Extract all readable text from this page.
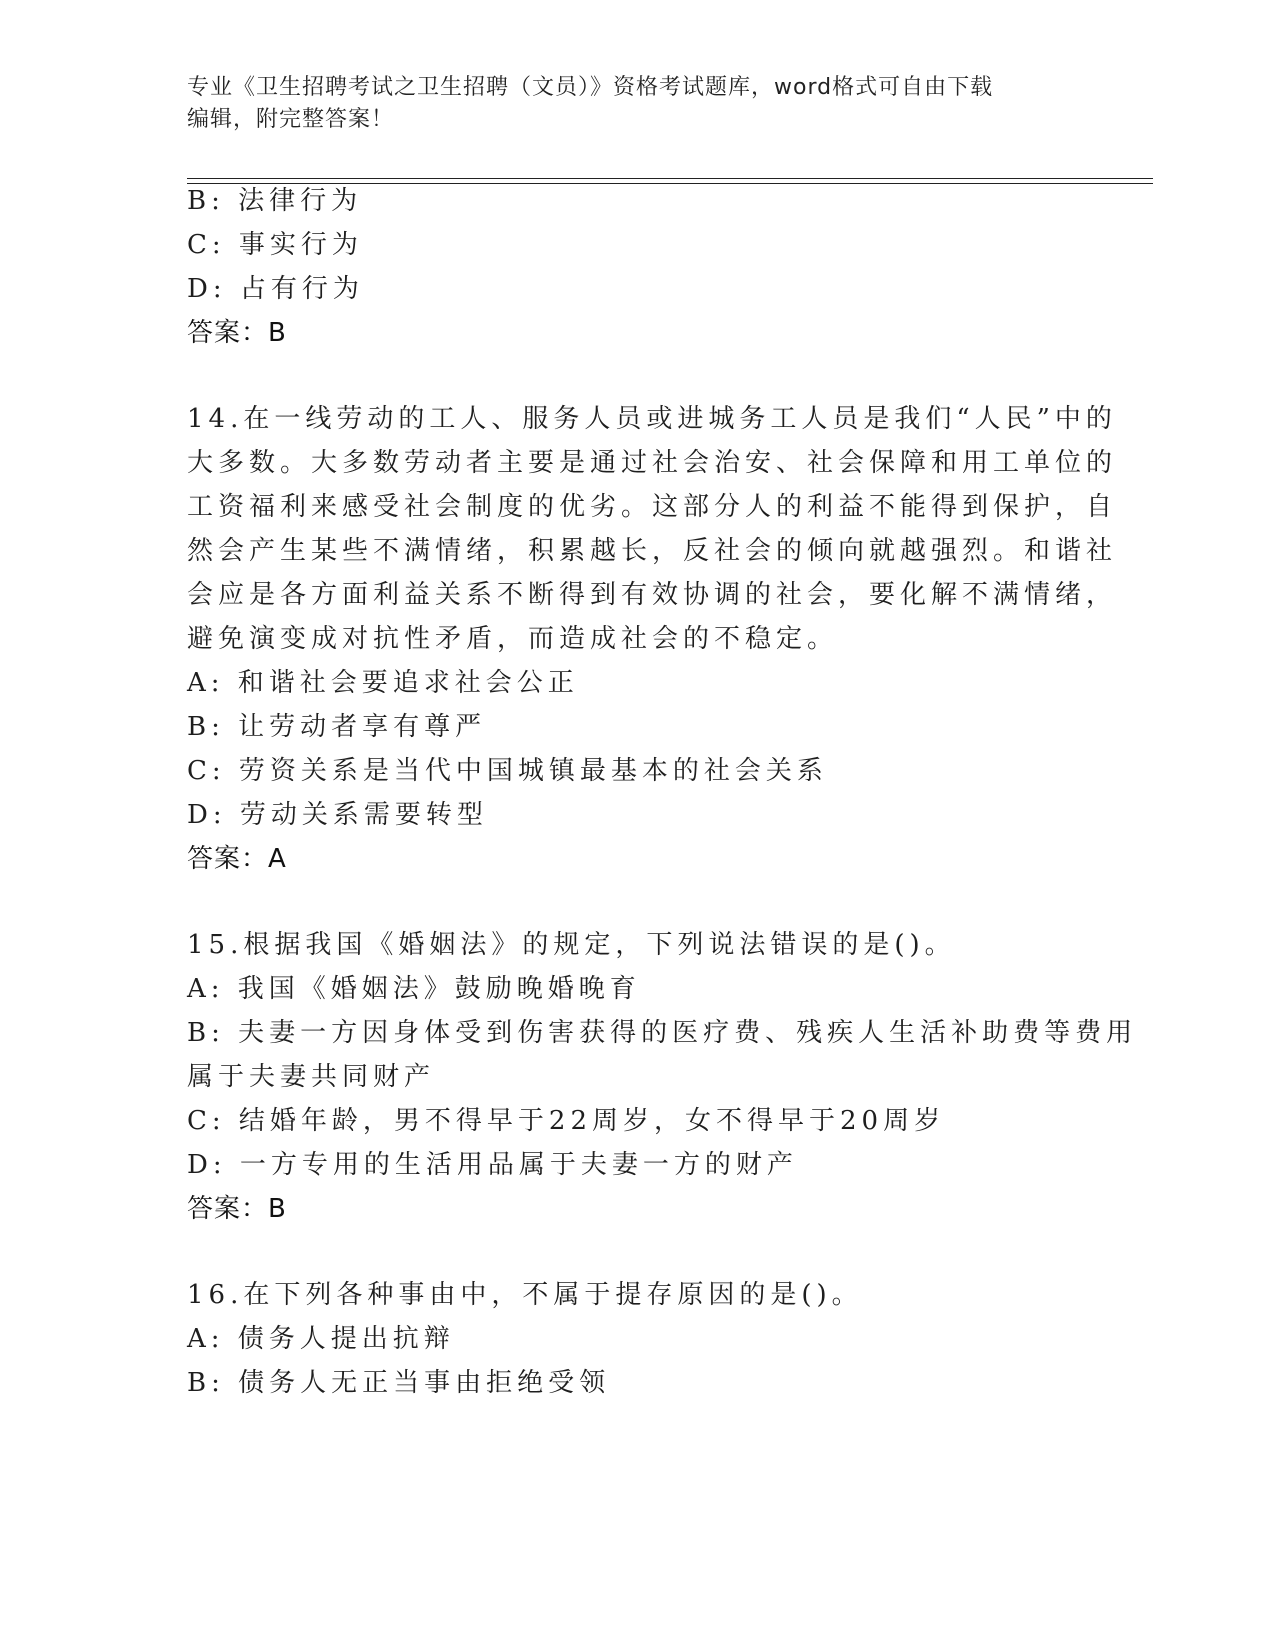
专业《卫生招聘考试之卫生招聘（文员）》资格考试题库，word格式可自由下载
编辑，附完整答案！
B: 法律行为
C: 事实行为
D: 占有行为
答案：B
14.在一线劳动的工人、服务人员或进城务工人员是我们“人民”中的
大多数。大多数劳动者主要是通过社会治安、社会保障和用工单位的
工资福利来感受社会制度的优劣。这部分人的利益不能得到保护，自
然会产生某些不满情绪，积累越长，反社会的倾向就越强烈。和谐社
会应是各方面利益关系不断得到有效协调的社会，要化解不满情绪，
避免演变成对抗性矛盾，而造成社会的不稳定。
A: 和谐社会要追求社会公正
B: 让劳动者享有尊严
C: 劳资关系是当代中国城镇最基本的社会关系
D: 劳动关系需要转型
答案：A
15.根据我国《婚姻法》的规定，下列说法错误的是()。
A: 我国《婚姻法》鼓励晚婚晚育
B: 夫妻一方因身体受到伤害获得的医疗费、残疾人生活补助费等费用
属于夫妻共同财产
C: 结婚年龄，男不得早于22周岁，女不得早于20周岁
D: 一方专用的生活用品属于夫妻一方的财产
答案：B
16.在下列各种事由中，不属于提存原因的是()。
A: 债务人提出抗辩
B: 债务人无正当事由拒绝受领
